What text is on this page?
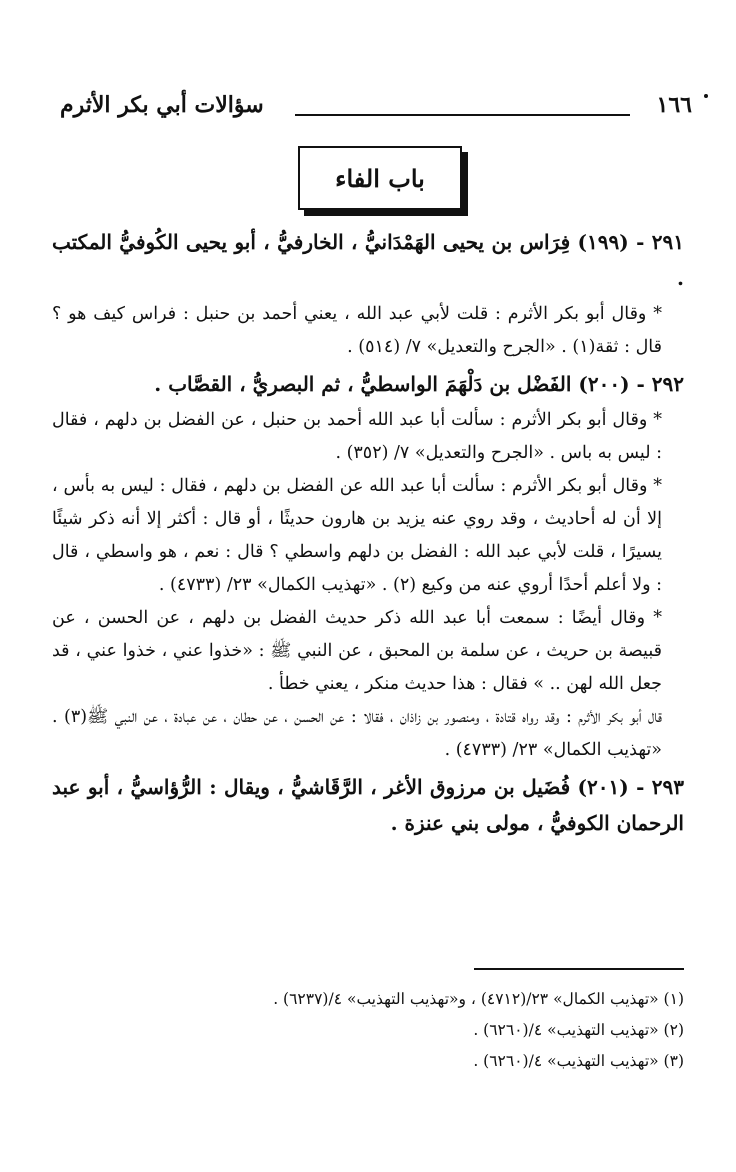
١٦٦
سؤالات أبي بكر الأثرم
باب الفاء
٢٩١ - (١٩٩) فِرَاس بن يحيى الهَمْدَانيُّ ، الخارفيُّ ، أبو يحيى الكُوفيُّ المكتب .

* وقال أبو بكر الأثرم : قلت لأبي عبد الله ، يعني أحمد بن حنبل : فراس كيف هو ؟ قال : ثقة(١) . «الجرح والتعديل» ٧/ (٥١٤) .

٢٩٢ - (٢٠٠) الفَضْل بن دَلْهَمَ الواسطيُّ ، ثم البصريُّ ، القصَّاب .

* وقال أبو بكر الأثرم : سألت أبا عبد الله أحمد بن حنبل ، عن الفضل بن دلهم ، فقال : ليس به باس . «الجرح والتعديل» ٧/ (٣٥٢) .

* وقال أبو بكر الأثرم : سألت أبا عبد الله عن الفضل بن دلهم ، فقال : ليس به بأس ، إلا أن له أحاديث ، وقد روي عنه يزيد بن هارون حديثًا ، أو قال : أكثر إلا أنه ذكر شيئًا يسيرًا ، قلت لأبي عبد الله : الفضل بن دلهم واسطي ؟ قال : نعم ، هو واسطي ، قال : ولا أعلم أحدًا أروي عنه من وكيع (٢) . «تهذيب الكمال» ٢٣/ (٤٧٣٣) .

* وقال أيضًا : سمعت أبا عبد الله ذكر حديث الفضل بن دلهم ، عن الحسن ، عن قبيصة بن حريث ، عن سلمة بن المحبق ، عن النبي ﷺ : «خذوا عني ، خذوا عني ، قد جعل الله لهن .. » فقال : هذا حديث منكر ، يعني خطأ .

قال أبو بكر الأثرم : وقد رواه قتادة ، ومنصور بن زاذان ، فقالا : عن الحسن ، عن حطان ، عن عبادة ، عن النبي ﷺ(٣) . «تهذيب الكمال» ٢٣/ (٤٧٣٣) .

٢٩٣ - (٢٠١) فُضَيل بن مرزوق الأغر ، الرَّقَاشيُّ ، ويقال : الرُّؤاسيُّ ، أبو عبد الرحمان الكوفيُّ ، مولى بني عنزة .
(١) «تهذيب الكمال» ٢٣/(٤٧١٢) ، و«تهذيب التهذيب» ٤/(٦٢٣٧) .
(٢) «تهذيب التهذيب» ٤/(٦٢٦٠) .
(٣) «تهذيب التهذيب» ٤/(٦٢٦٠) .
